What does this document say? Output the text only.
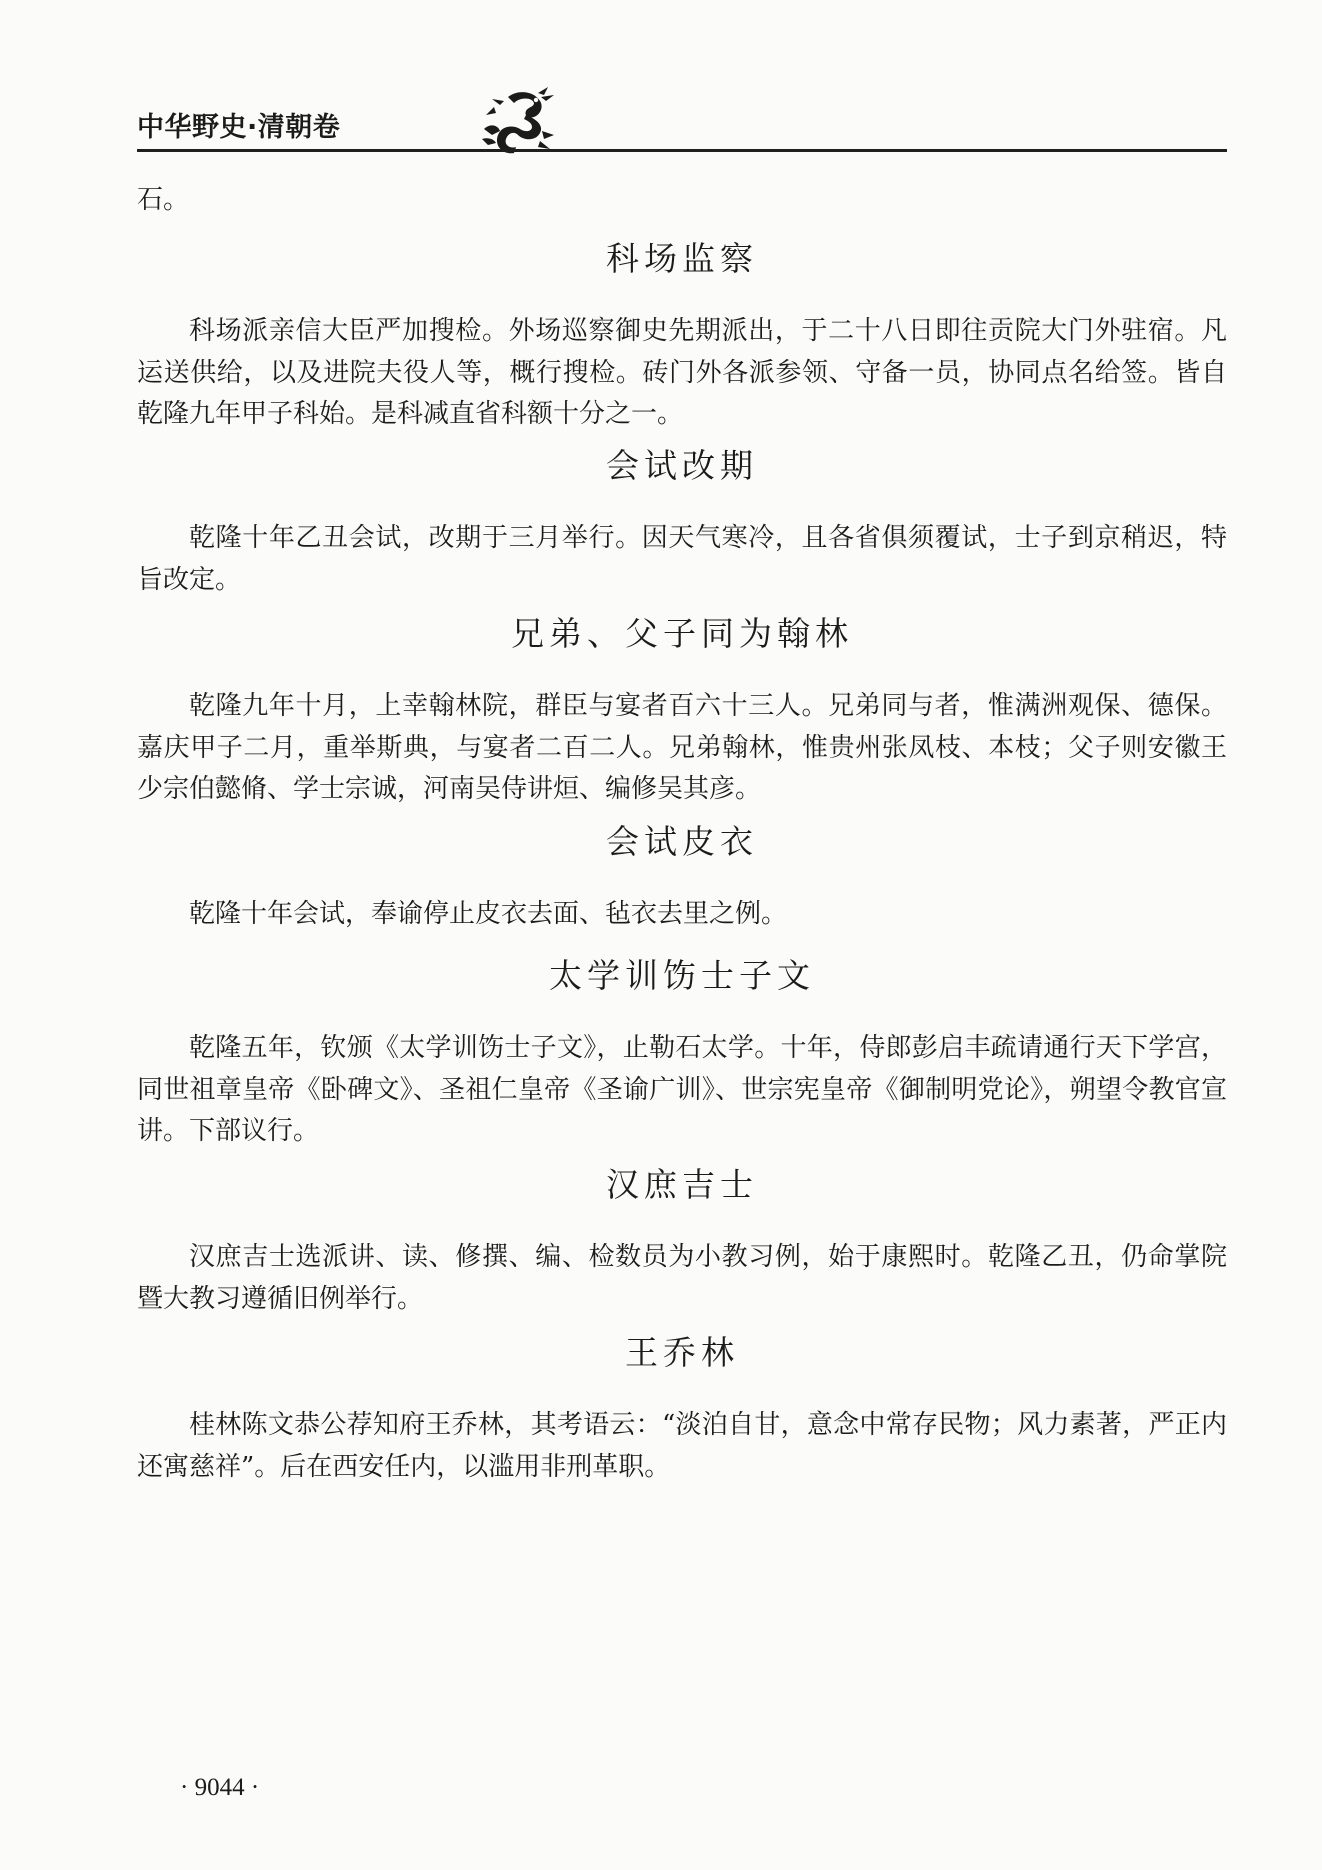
中华野史·清朝卷
石。
科场监察

科场派亲信大臣严加搜检。外场巡察御史先期派出，于二十八日即往贡院大门外驻宿。凡运送供给，以及进院夫役人等，概行搜检。砖门外各派参领、守备一员，协同点名给签。皆自乾隆九年甲子科始。是科减直省科额十分之一。

会试改期

乾隆十年乙丑会试，改期于三月举行。因天气寒冷，且各省俱须覆试，士子到京稍迟，特旨改定。

兄弟、父子同为翰林

乾隆九年十月，上幸翰林院，群臣与宴者百六十三人。兄弟同与者，惟满洲观保、德保。嘉庆甲子二月，重举斯典，与宴者二百二人。兄弟翰林，惟贵州张凤枝、本枝；父子则安徽王少宗伯懿脩、学士宗诚，河南吴侍讲烜、编修吴其彦。

会试皮衣

乾隆十年会试，奉谕停止皮衣去面、毡衣去里之例。

太学训饬士子文

乾隆五年，钦颁《太学训饬士子文》，止勒石太学。十年，侍郎彭启丰疏请通行天下学宫，同世祖章皇帝《卧碑文》、圣祖仁皇帝《圣谕广训》、世宗宪皇帝《御制明党论》，朔望令教官宣讲。下部议行。

汉庶吉士

汉庶吉士选派讲、读、修撰、编、检数员为小教习例，始于康熙时。乾隆乙丑，仍命掌院暨大教习遵循旧例举行。

王乔林

桂林陈文恭公荐知府王乔林，其考语云：“淡泊自甘，意念中常存民物；风力素著，严正内还寓慈祥”。后在西安任内，以滥用非刑革职。

· 9044 ·
